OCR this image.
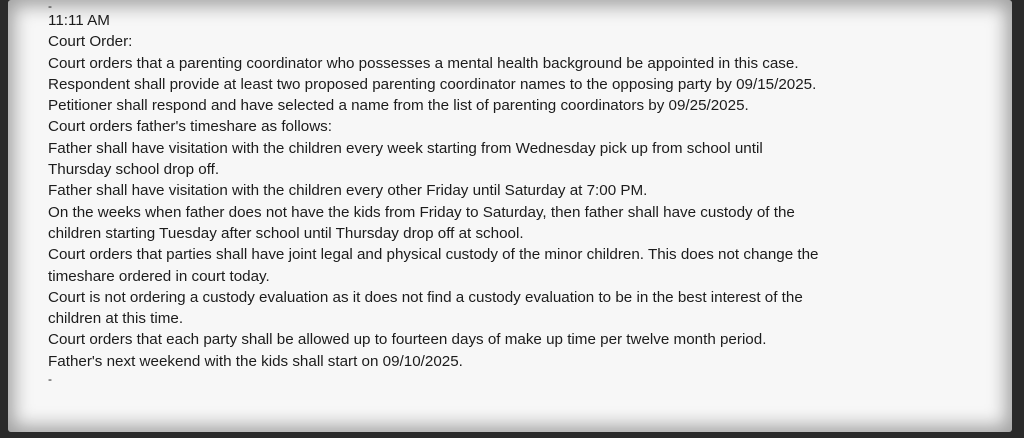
-
11:11 AM
Court Order:
Court orders that a parenting coordinator who possesses a mental health background be appointed in this case.
Respondent shall provide at least two proposed parenting coordinator names to the opposing party by 09/15/2025.
Petitioner shall respond and have selected a name from the list of parenting coordinators by 09/25/2025.
Court orders father's timeshare as follows:
Father shall have visitation with the children every week starting from Wednesday pick up from school until
Thursday school drop off.
Father shall have visitation with the children every other Friday until Saturday at 7:00 PM.
On the weeks when father does not have the kids from Friday to Saturday, then father shall have custody of the
children starting Tuesday after school until Thursday drop off at school.
Court orders that parties shall have joint legal and physical custody of the minor children. This does not change the
timeshare ordered in court today.
Court is not ordering a custody evaluation as it does not find a custody evaluation to be in the best interest of the
children at this time.
Court orders that each party shall be allowed up to fourteen days of make up time per twelve month period.
Father's next weekend with the kids shall start on 09/10/2025.
-
